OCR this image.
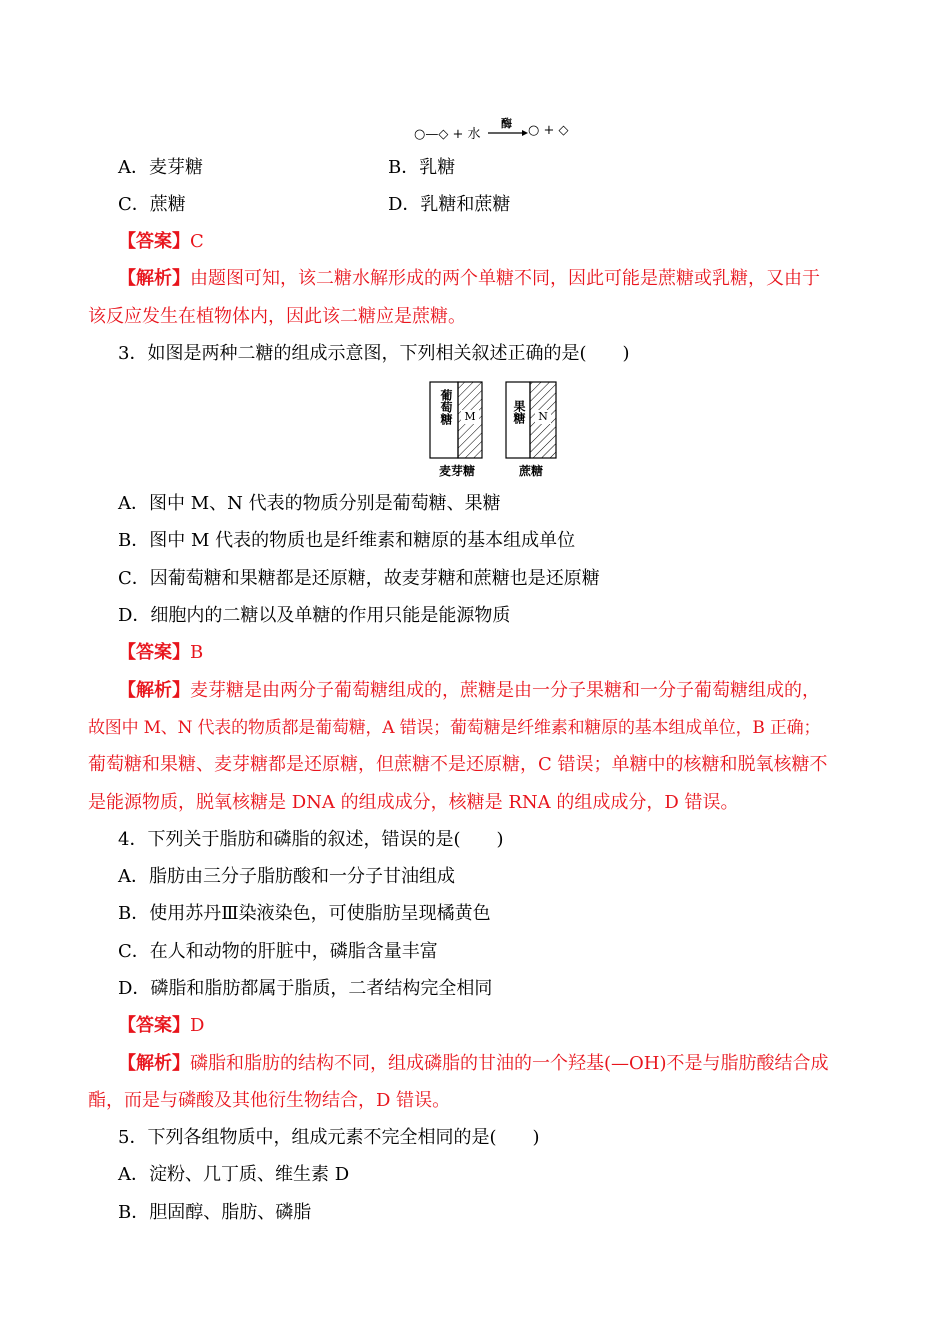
○—◇ + 水
酶 ○ + ◇
A．麦芽糖	B．乳糖
C．蔗糖	D．乳糖和蔗糖
【答案】C
【解析】由题图可知，该二糖水解形成的两个单糖不同，因此可能是蔗糖或乳糖，又由于
该反应发生在植物体内，因此该二糖应是蔗糖。
3．如图是两种二糖的组成示意图，下列相关叙述正确的是(　　)
葡萄糖	M	果糖 N
麦芽糖	蔗糖
A．图中 M、N 代表的物质分别是葡萄糖、果糖
B．图中 M 代表的物质也是纤维素和糖原的基本组成单位
C．因葡萄糖和果糖都是还原糖，故麦芽糖和蔗糖也是还原糖
D．细胞内的二糖以及单糖的作用只能是能源物质
【答案】B
【解析】麦芽糖是由两分子葡萄糖组成的，蔗糖是由一分子果糖和一分子葡萄糖组成的，
故图中 M、N 代表的物质都是葡萄糖，A 错误；葡萄糖是纤维素和糖原的基本组成单位，B 正确；
葡萄糖和果糖、麦芽糖都是还原糖，但蔗糖不是还原糖，C 错误；单糖中的核糖和脱氧核糖不
是能源物质，脱氧核糖是 DNA 的组成成分，核糖是 RNA 的组成成分，D 错误。
4．下列关于脂肪和磷脂的叙述，错误的是(　　)
A．脂肪由三分子脂肪酸和一分子甘油组成
B．使用苏丹Ⅲ染液染色，可使脂肪呈现橘黄色
C．在人和动物的肝脏中，磷脂含量丰富
D．磷脂和脂肪都属于脂质，二者结构完全相同
【答案】D
【解析】磷脂和脂肪的结构不同，组成磷脂的甘油的一个羟基(—OH)不是与脂肪酸结合成
酯，而是与磷酸及其他衍生物结合，D 错误。
5．下列各组物质中，组成元素不完全相同的是(　　)
A．淀粉、几丁质、维生素 D
B．胆固醇、脂肪、磷脂
